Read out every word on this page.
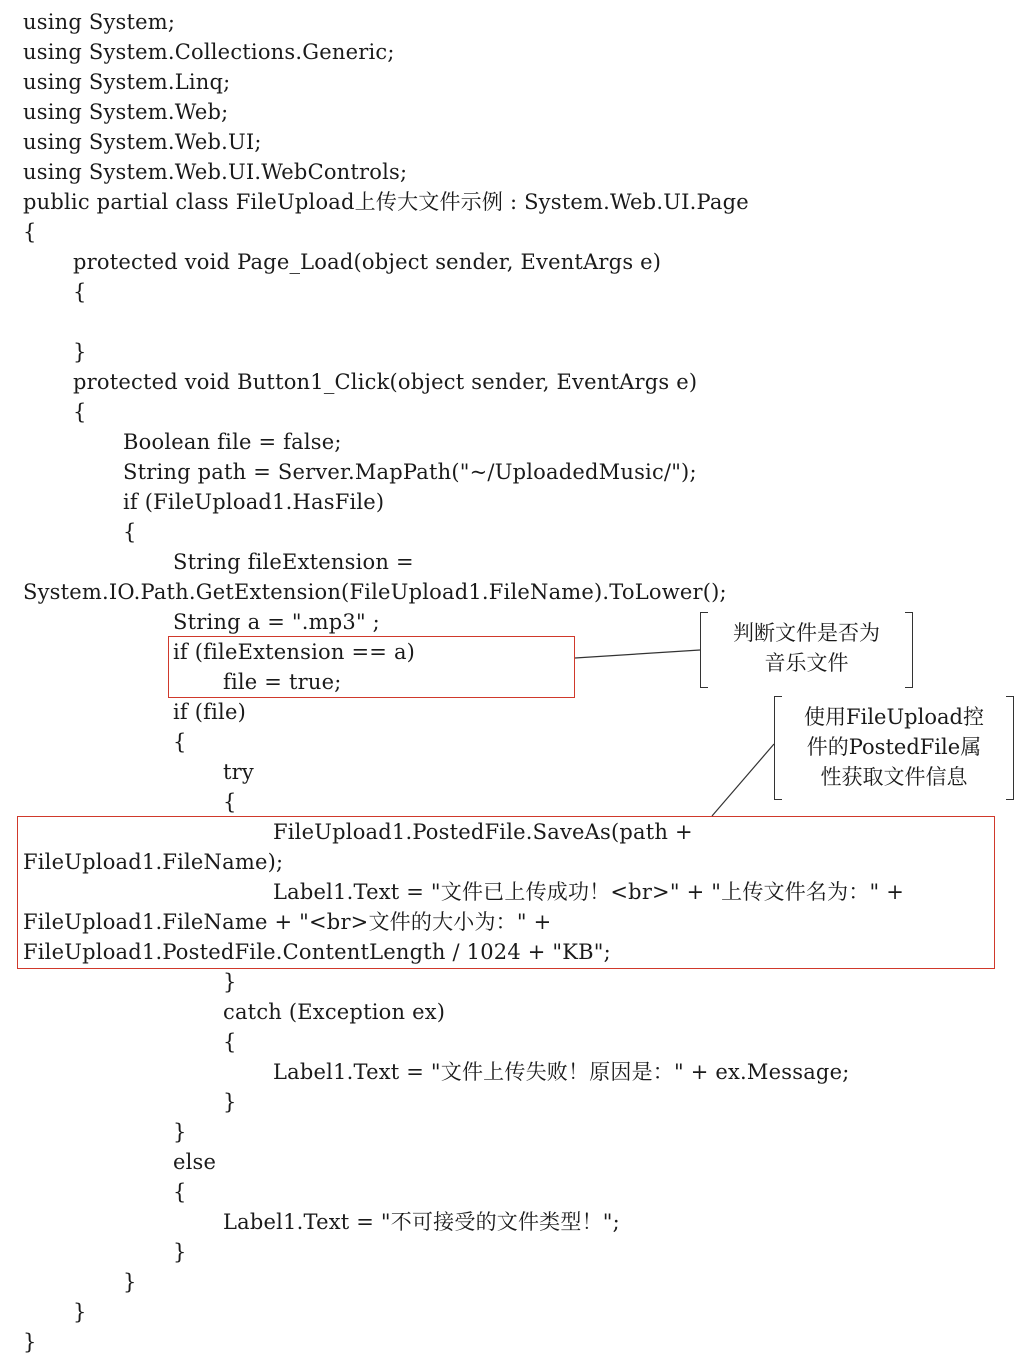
using System;
using System.Collections.Generic;
using System.Linq;
using System.Web;
using System.Web.UI;
using System.Web.UI.WebControls;
public partial class FileUpload上传大文件示例 : System.Web.UI.Page
{
protected void Page_Load(object sender, EventArgs e)
{
}
protected void Button1_Click(object sender, EventArgs e)
{
Boolean file = false;
String path = Server.MapPath("~/UploadedMusic/");
if (FileUpload1.HasFile)
{
String fileExtension =
System.IO.Path.GetExtension(FileUpload1.FileName).ToLower();
String a = ".mp3" ;
if (fileExtension == a)
file = true;
if (file)
{
try
{
FileUpload1.PostedFile.SaveAs(path +
FileUpload1.FileName);
Label1.Text = "文件已上传成功！<br>" + "上传文件名为：" +
FileUpload1.FileName + "<br>文件的大小为：" +
FileUpload1.PostedFile.ContentLength / 1024 + "KB";
}
catch (Exception ex)
{
Label1.Text = "文件上传失败！原因是：" + ex.Message;
}
}
else
{
Label1.Text = "不可接受的文件类型！";
}
}
}
}
判断文件是否为
音乐文件
使用FileUpload控
件的PostedFile属
性获取文件信息
